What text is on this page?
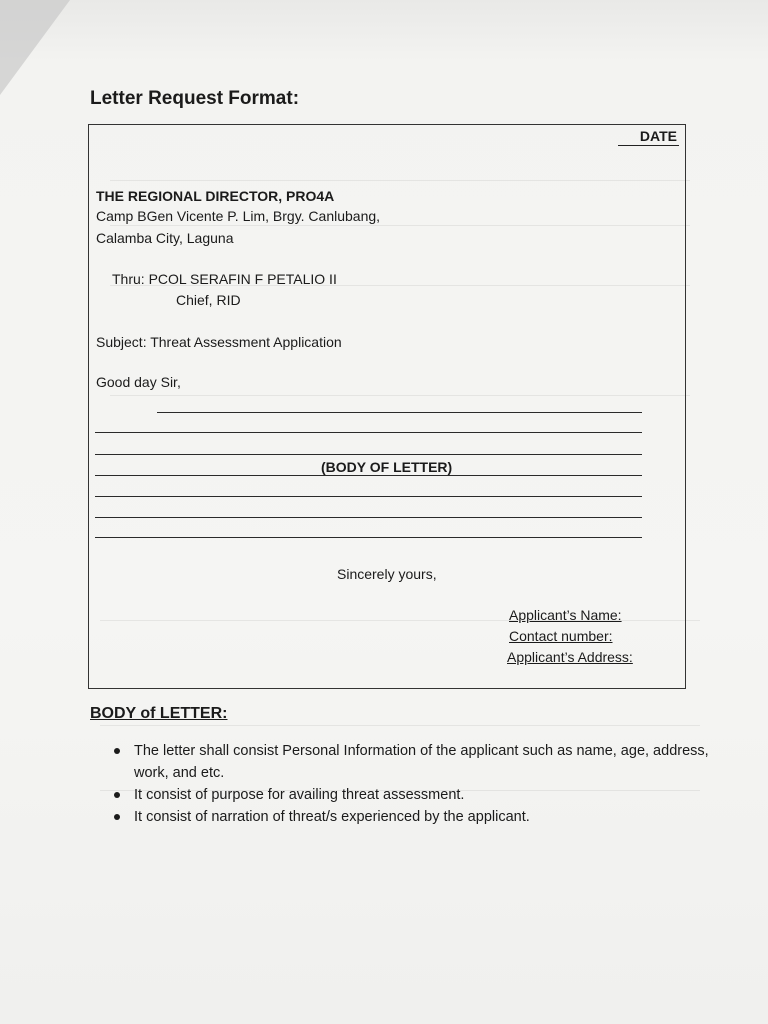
Letter Request Format:
DATE
THE REGIONAL DIRECTOR, PRO4A
Camp BGen Vicente P. Lim, Brgy. Canlubang,
Calamba City, Laguna
Thru: PCOL SERAFIN F PETALIO II
Chief, RID
Subject: Threat Assessment Application
Good day Sir,
(BODY OF LETTER)
Sincerely yours,
Applicant’s Name:
Contact number:
Applicant’s Address:
BODY of LETTER:
The letter shall consist Personal Information of the applicant such as name, age, address, work, and etc.
It consist of purpose for availing threat assessment.
It consist of narration of threat/s experienced by the applicant.
